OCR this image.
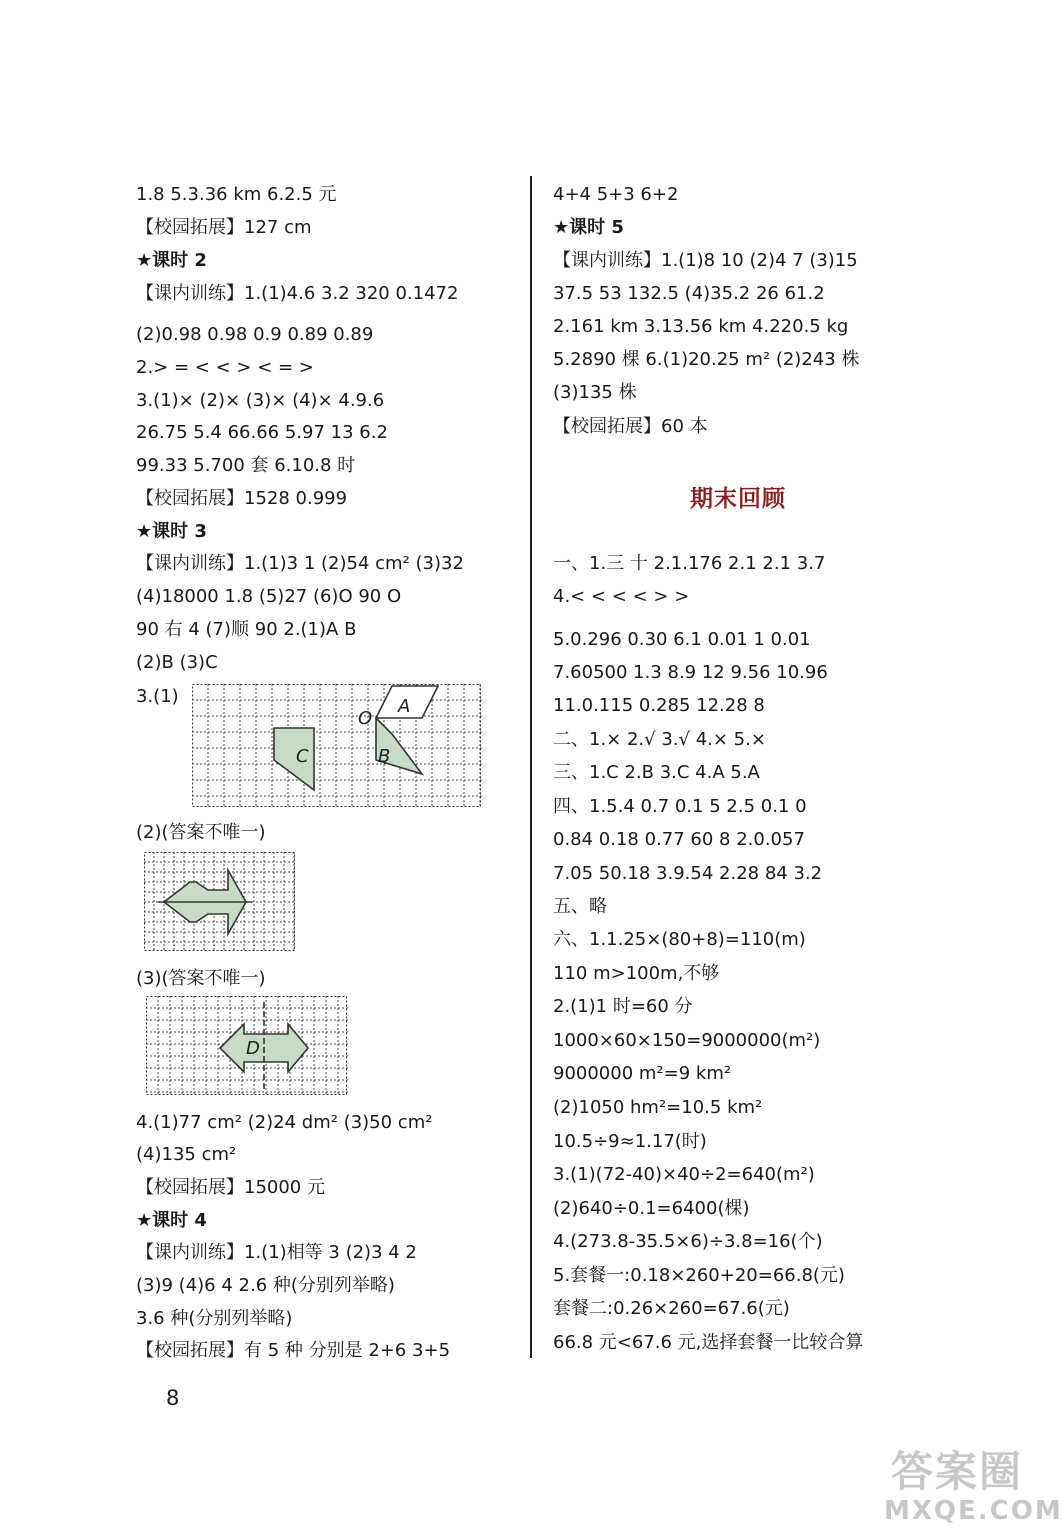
1.8 5.3.36 km 6.2.5 元
【校园拓展】127 cm
★课时 2
【课内训练】1.(1)4.6 3.2 320 0.1472
(2)0.98 0.98 0.9 0.89 0.89
2.> = < < > < = >
3.(1)× (2)× (3)× (4)× 4.9.6
26.75 5.4 66.66 5.97 13 6.2
99.33 5.700 套 6.10.8 时
【校园拓展】1528 0.999
★课时 3
【课内训练】1.(1)3 1 (2)54 cm² (3)32
(4)18000 1.8 (5)27 (6)O 90 O
90 右 4 (7)顺 90 2.(1)A B
(2)B (3)C
3.(1)
(2)(答案不唯一)
(3)(答案不唯一)
4.(1)77 cm² (2)24 dm² (3)50 cm²
(4)135 cm²
【校园拓展】15000 元
★课时 4
【课内训练】1.(1)相等 3 (2)3 4 2
(3)9 (4)6 4 2.6 种(分别列举略)
3.6 种(分别列举略)
【校园拓展】有 5 种 分别是 2+6 3+5
O
A
C	B
D
4+4 5+3 6+2
★课时 5
【课内训练】1.(1)8 10 (2)4 7 (3)15
37.5 53 132.5 (4)35.2 26 61.2
2.161 km 3.13.56 km 4.220.5 kg
5.2890 棵 6.(1)20.25 m² (2)243 株
(3)135 株
【校园拓展】60 本
期末回顾
一、1.三 十 2.1.176 2.1 2.1 3.7
4.< < < < > >
5.0.296 0.30 6.1 0.01 1 0.01
7.60500 1.3 8.9 12 9.56 10.96
11.0.115 0.285 12.28 8
二、1.× 2.√ 3.√ 4.× 5.×
三、1.C 2.B 3.C 4.A 5.A
四、1.5.4 0.7 0.1 5 2.5 0.1 0
0.84 0.18 0.77 60 8 2.0.057
7.05 50.18 3.9.54 2.28 84 3.2
五、略
六、1.1.25×(80+8)=110(m)
110 m>100m,不够
2.(1)1 时=60 分
1000×60×150=9000000(m²)
9000000 m²=9 km²
(2)1050 hm²=10.5 km²
10.5÷9≈1.17(时)
3.(1)(72-40)×40÷2=640(m²)
(2)640÷0.1=6400(棵)
4.(273.8-35.5×6)÷3.8=16(个)
5.套餐一:0.18×260+20=66.8(元)
套餐二:0.26×260=67.6(元)
66.8 元<67.6 元,选择套餐一比较合算
8
答案圈
MXQE.COM
